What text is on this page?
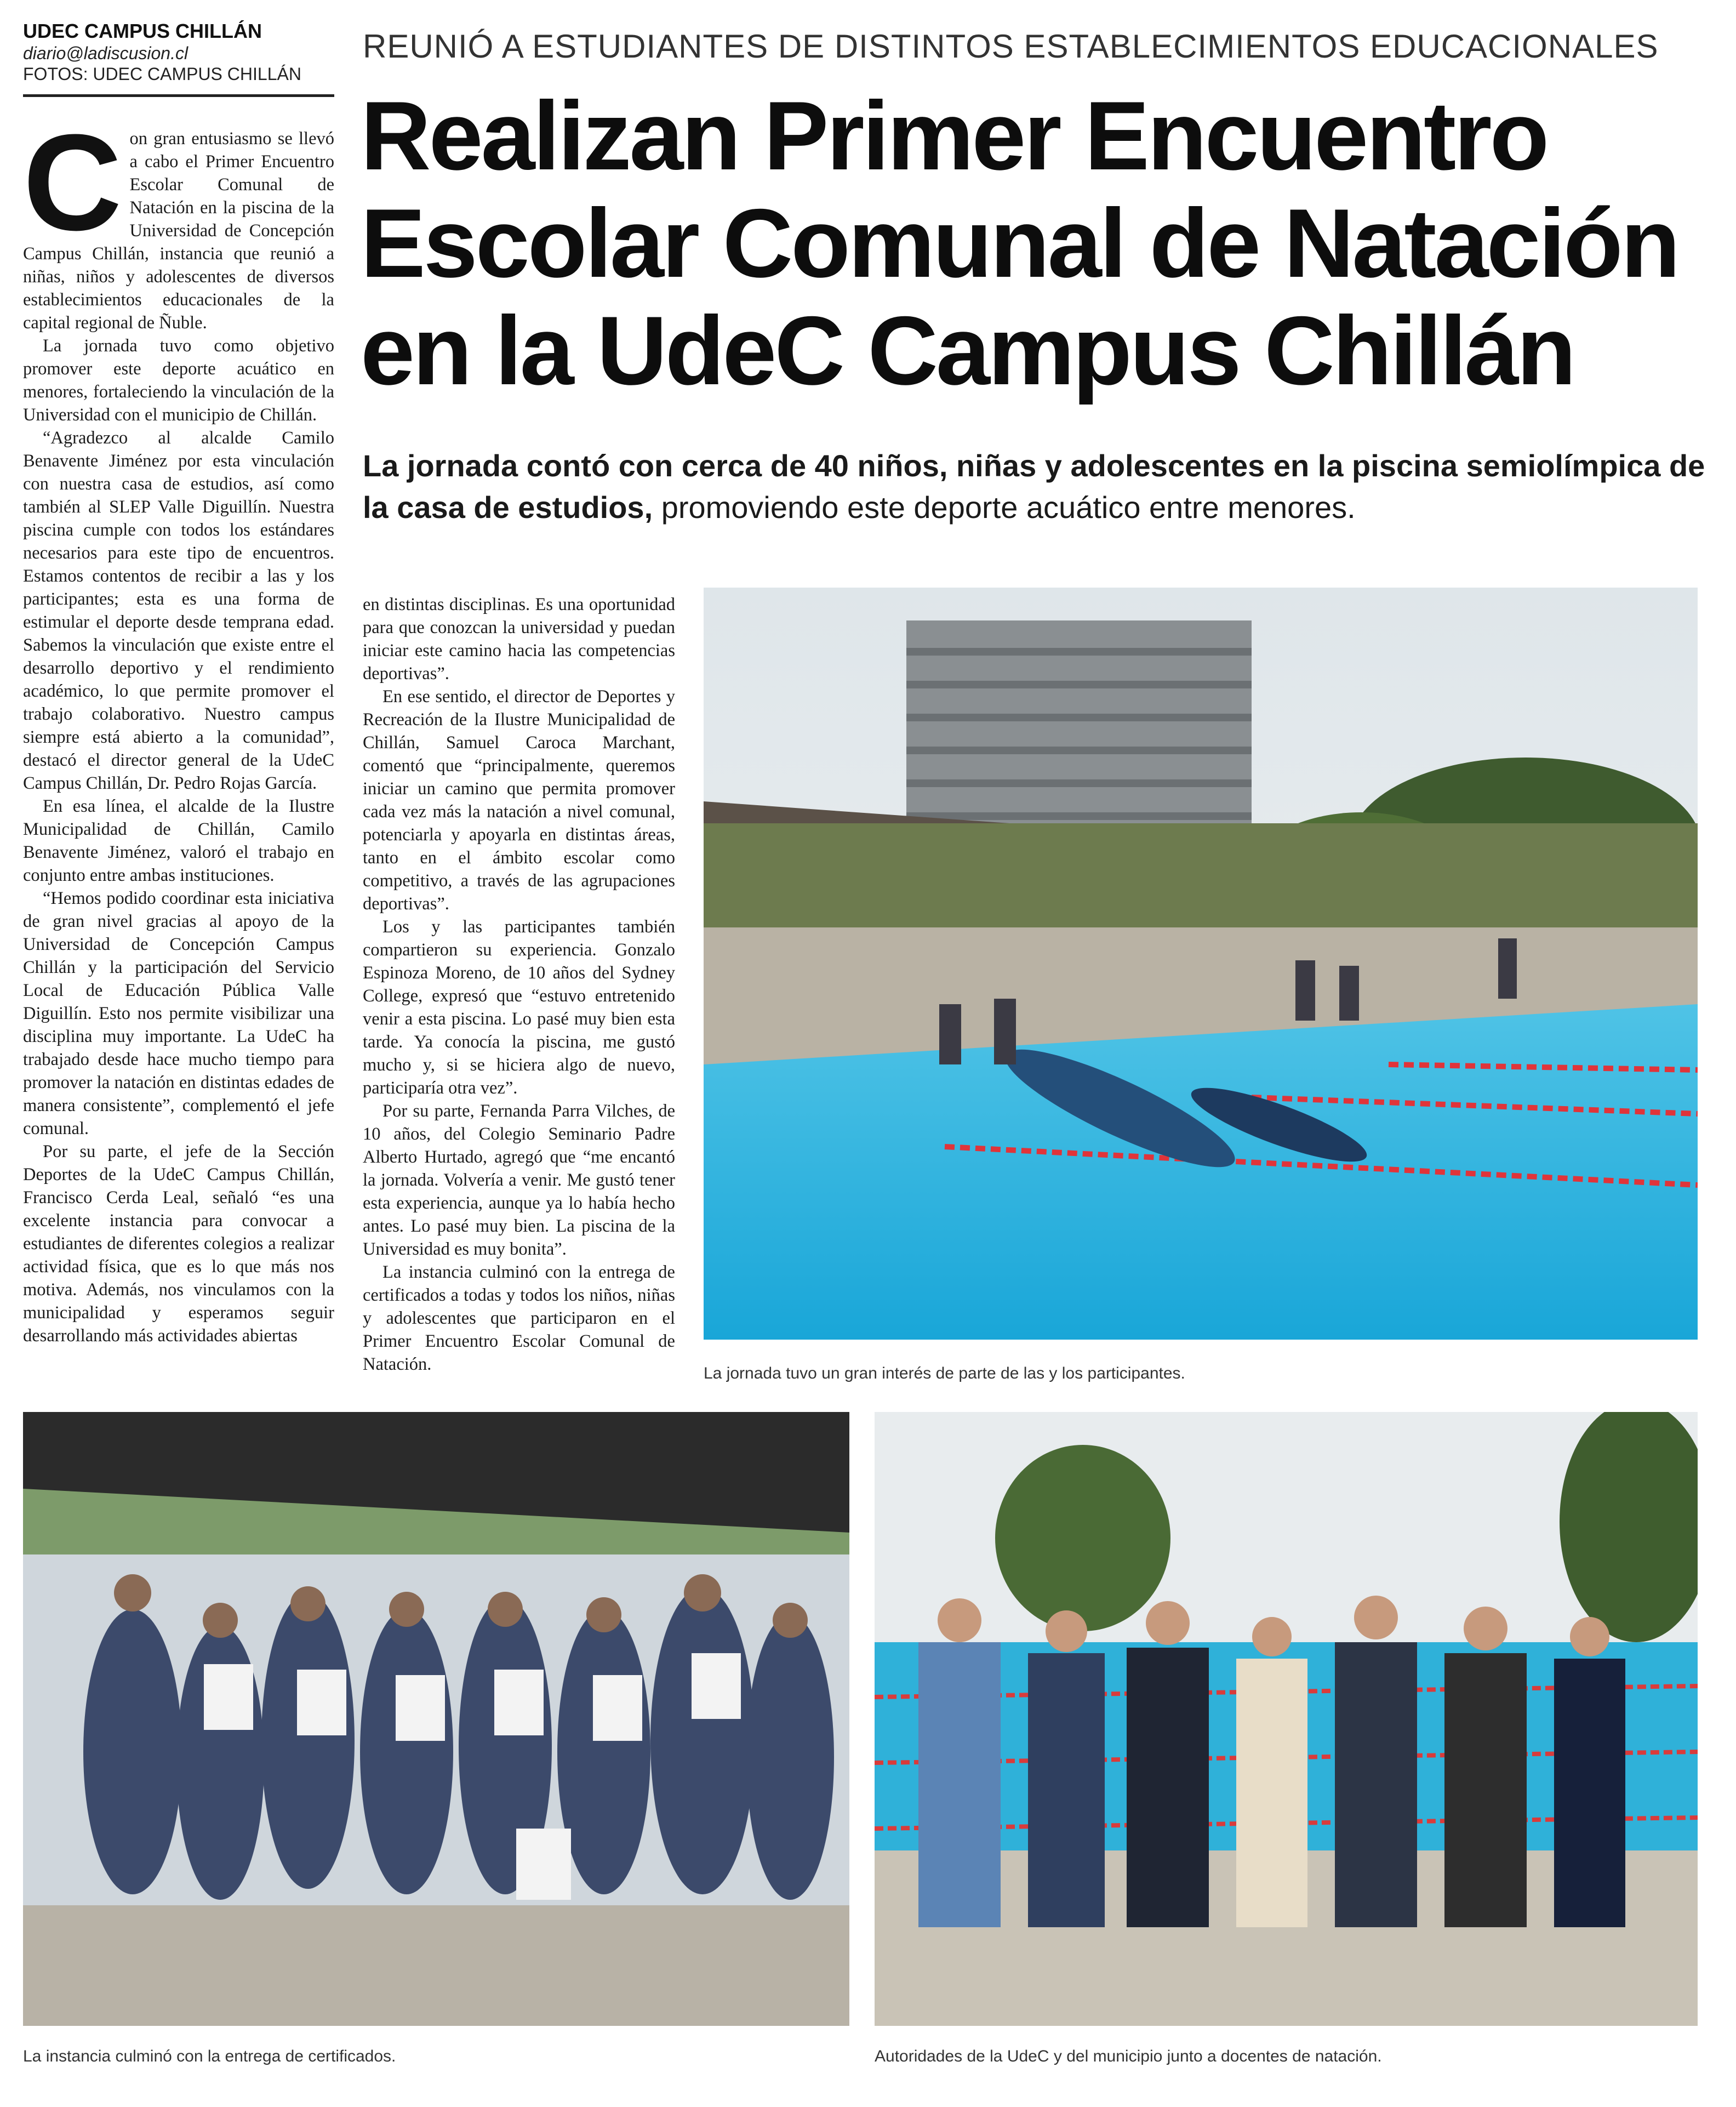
UDEC CAMPUS CHILLÁN
diario@ladiscusion.cl
FOTOS: UDEC CAMPUS CHILLÁN
REUNIÓ A ESTUDIANTES DE DISTINTOS ESTABLECIMIENTOS EDUCACIONALES
Realizan Primer Encuentro Escolar Comunal de Natación en la UdeC Campus Chillán
La jornada contó con cerca de 40 niños, niñas y adolescentes en la piscina semiolímpica de la casa de estudios, promoviendo este deporte acuático entre menores.

Con gran entusiasmo se llevó a cabo el Primer Encuentro Escolar Comunal de Natación en la piscina de la Universidad de Concepción Campus Chillán, instancia que reunió a niñas, niños y adolescentes de diversos establecimientos educacionales de la capital regional de Ñuble.

La jornada tuvo como objetivo promover este deporte acuático en menores, fortaleciendo la vinculación de la Universidad con el municipio de Chillán.

“Agradezco al alcalde Camilo Benavente Jiménez por esta vinculación con nuestra casa de estudios, así como también al SLEP Valle Diguillín. Nuestra piscina cumple con todos los estándares necesarios para este tipo de encuentros. Estamos contentos de recibir a las y los participantes; esta es una forma de estimular el deporte desde temprana edad. Sabemos la vinculación que existe entre el desarrollo deportivo y el rendimiento académico, lo que permite promover el trabajo colaborativo. Nuestro campus siempre está abierto a la comunidad”, destacó el director general de la UdeC Campus Chillán, Dr. Pedro Rojas García.

En esa línea, el alcalde de la Ilustre Municipalidad de Chillán, Camilo Benavente Jiménez, valoró el trabajo en conjunto entre ambas instituciones.

“Hemos podido coordinar esta iniciativa de gran nivel gracias al apoyo de la Universidad de Concepción Campus Chillán y la participación del Servicio Local de Educación Pública Valle Diguillín. Esto nos permite visibilizar una disciplina muy importante. La UdeC ha trabajado desde hace mucho tiempo para promover la natación en distintas edades de manera consistente”, complementó el jefe comunal.

Por su parte, el jefe de la Sección Deportes de la UdeC Campus Chillán, Francisco Cerda Leal, señaló “es una excelente instancia para convocar a estudiantes de diferentes colegios a realizar actividad física, que es lo que más nos motiva. Además, nos vinculamos con la municipalidad y esperamos seguir desarrollando más actividades abiertas

en distintas disciplinas. Es una oportunidad para que conozcan la universidad y puedan iniciar este camino hacia las competencias deportivas”.

En ese sentido, el director de Deportes y Recreación de la Ilustre Municipalidad de Chillán, Samuel Caroca Marchant, comentó que “principalmente, queremos iniciar un camino que permita promover cada vez más la natación a nivel comunal, potenciarla y apoyarla en distintas áreas, tanto en el ámbito escolar como competitivo, a través de las agrupaciones deportivas”.

Los y las participantes también compartieron su experiencia. Gonzalo Espinoza Moreno, de 10 años del Sydney College, expresó que “estuvo entretenido venir a esta piscina. Lo pasé muy bien esta tarde. Ya conocía la piscina, me gustó mucho y, si se hiciera algo de nuevo, participaría otra vez”.

Por su parte, Fernanda Parra Vilches, de 10 años, del Colegio Seminario Padre Alberto Hurtado, agregó que “me encantó la jornada. Volvería a venir. Me gustó tener esta experiencia, aunque ya lo había hecho antes. Lo pasé muy bien. La piscina de la Universidad es muy bonita”.

La instancia culminó con la entrega de certificados a todas y todos los niños, niñas y adolescentes que participaron en el Primer Encuentro Escolar Comunal de Natación.	La jornada tuvo un gran interés de parte de las y los participantes.
La instancia culminó con la entrega de certificados.	Autoridades de la UdeC y del municipio junto a docentes de natación.
